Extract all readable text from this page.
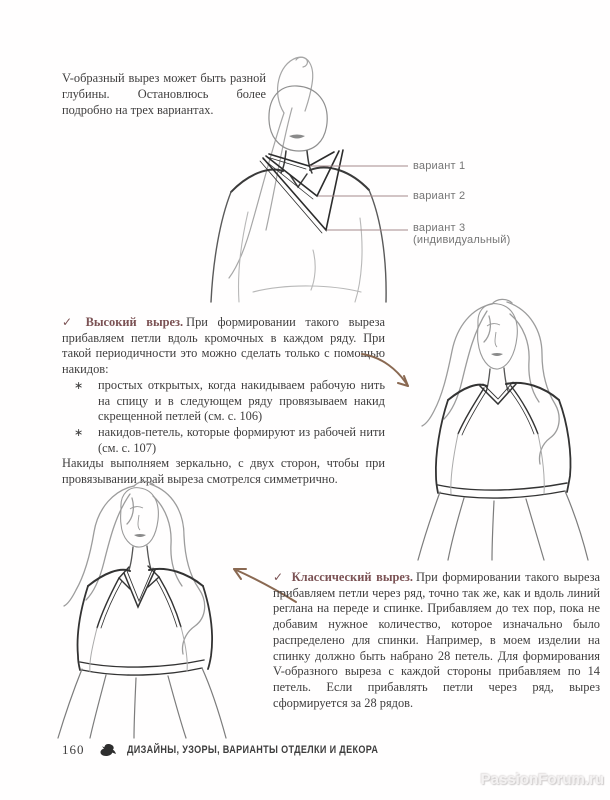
V-образный вырез может быть разной глубины. Остановлюсь более подробно на трех вариантах.

вариант 1
вариант 2
вариант 3
(индивидуальный)

✓ Высокий вырез. При формировании такого выреза прибавляем петли вдоль кромочных в каждом ряду. При такой периодичности это можно сделать только с помощью накидов:

∗ простых открытых, когда накидываем рабочую нить на спицу и в следующем ряду провязываем накид скрещенной петлей (см. с. 106)
∗ накидов-петель, которые формируют из рабочей нити (см. с. 107)

Накиды выполняем зеркально, с двух сторон, чтобы при провязывании край выреза смотрелся симметрично.

✓ Классический вырез. При формировании такого выреза прибавляем петли через ряд, точно так же, как и вдоль линий реглана на переде и спинке. Прибавляем до тех пор, пока не добавим нужное количество, которое изначально было распределено для спинки. Например, в моем изделии на спинку должно быть набрано 28 петель. Для формирования V-образного выреза с каждой стороны прибавляем по 14 петель. Если прибавлять петли через ряд, вырез сформируется за 28 рядов.

160	ДИЗАЙНЫ, УЗОРЫ, ВАРИАНТЫ ОТДЕЛКИ И ДЕКОРА
PassionForum.ru
